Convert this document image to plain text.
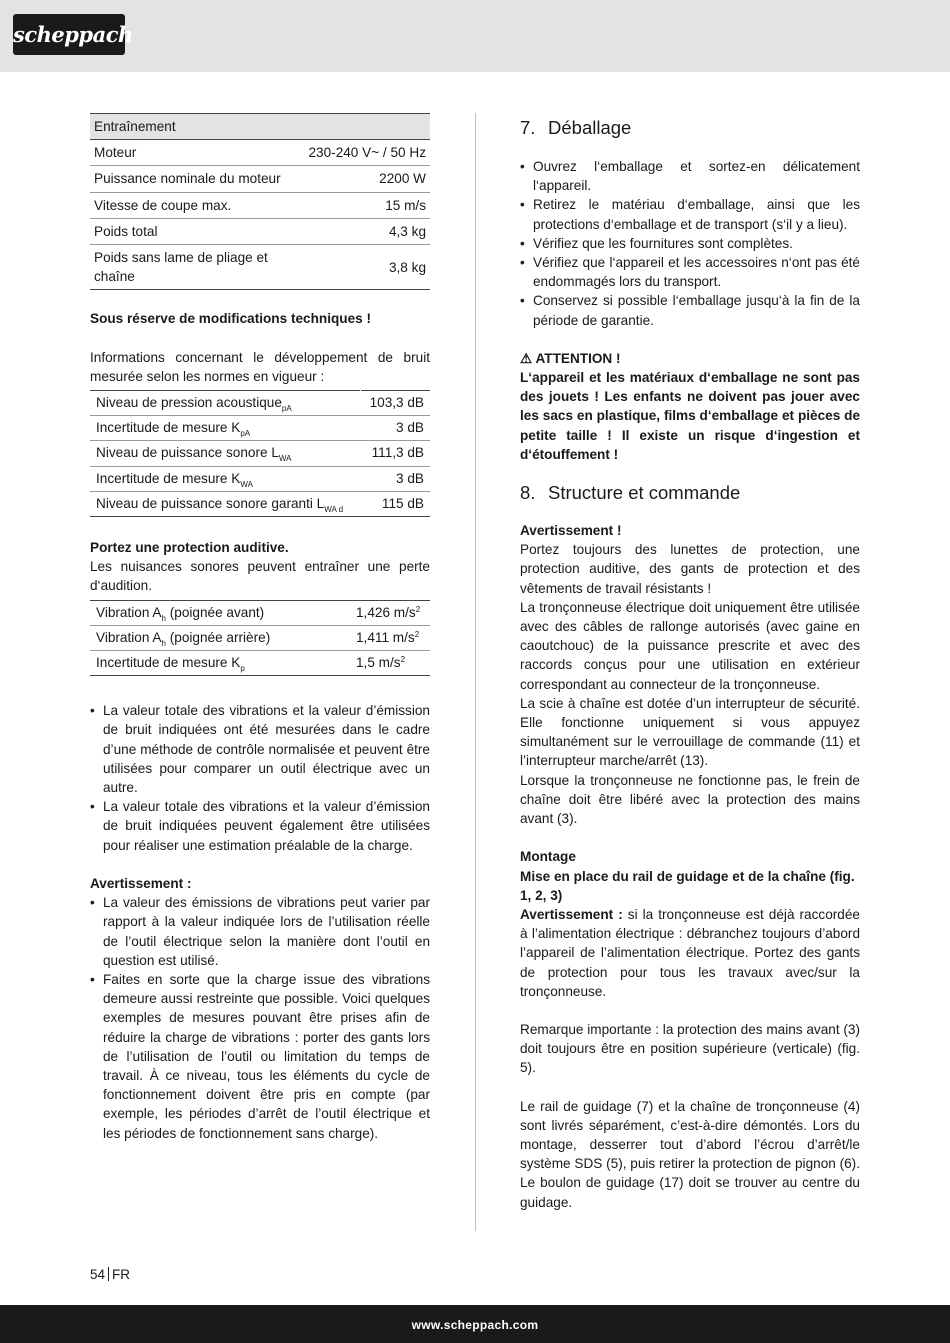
scheppach
Entraînement	
Moteur	230-240 V~ / 50 Hz
Puissance nominale du moteur	2200 W
Vitesse de coupe max.	15 m/s
Poids total	4,3 kg
Poids sans lame de pliage et chaîne	3,8 kg

Sous réserve de modifications techniques !

Informations concernant le développement de bruit mesurée selon les normes en vigueur :

Niveau de pression acoustique$_{pA}$	103,3 dB
Incertitude de mesure $K_{pA}$	3 dB
Niveau de puissance sonore $L_{WA}$	111,3 dB
Incertitude de mesure $K_{WA}$	3 dB
Niveau de puissance sonore garanti $L_{WA d}$	115 dB

Portez une protection auditive.

Les nuisances sonores peuvent entraîner une perte d‘audition.

Vibration $A_h$ (poignée avant)	1,426 $m/s^2$
Vibration $A_h$ (poignée arrière)	1,411 $m/s^2$
Incertitude de mesure $K_p$	1,5 $m/s^2$
• La valeur totale des vibrations et la valeur d’émission de bruit indiquées ont été mesurées dans le cadre d’une méthode de contrôle normalisée et peuvent être utilisées pour comparer un outil électrique avec un autre.
• La valeur totale des vibrations et la valeur d’émission de bruit indiquées peuvent également être utilisées pour réaliser une estimation préalable de la charge.

Avertissement :

• La valeur des émissions de vibrations peut varier par rapport à la valeur indiquée lors de l’utilisation réelle de l’outil électrique selon la manière dont l’outil en question est utilisé.
• Faites en sorte que la charge issue des vibrations demeure aussi restreinte que possible. Voici quelques exemples de mesures pouvant être prises afin de réduire la charge de vibrations : porter des gants lors de l’utilisation de l’outil ou limitation du temps de travail. À ce niveau, tous les éléments du cycle de fonctionnement doivent être pris en compte (par exemple, les périodes d’arrêt de l’outil électrique et les périodes de fonctionnement sans charge).
7. Déballage
• Ouvrez l‘emballage et sortez-en délicatement l‘appareil.
• Retirez le matériau d‘emballage, ainsi que les protections d‘emballage et de transport (s‘il y a lieu).
• Vérifiez que les fournitures sont complètes.
• Vérifiez que l‘appareil et les accessoires n‘ont pas été endommagés lors du transport.
• Conservez si possible l‘emballage jusqu‘à la fin de la période de garantie.

⚠ ATTENTION !

L‘appareil et les matériaux d‘emballage ne sont pas des jouets ! Les enfants ne doivent pas jouer avec les sacs en plastique, films d‘emballage et pièces de petite taille ! Il existe un risque d‘ingestion et d‘étouffement !

8. Structure et commande

Avertissement !

Portez toujours des lunettes de protection, une protection auditive, des gants de protection et des vêtements de travail résistants !

La tronçonneuse électrique doit uniquement être utilisée avec des câbles de rallonge autorisés (avec gaine en caoutchouc) de la puissance prescrite et avec des raccords conçus pour une utilisation en extérieur correspondant au connecteur de la tronçonneuse.

La scie à chaîne est dotée d’un interrupteur de sécurité. Elle fonctionne uniquement si vous appuyez simultanément sur le verrouillage de commande (11) et l’interrupteur marche/arrêt (13).

Lorsque la tronçonneuse ne fonctionne pas, le frein de chaîne doit être libéré avec la protection des mains avant (3).

Montage

Mise en place du rail de guidage et de la chaîne (fig. 1, 2, 3)

Avertissement : si la tronçonneuse est déjà raccordée à l’alimentation électrique : débranchez toujours d’abord l’appareil de l’alimentation électrique. Portez des gants de protection pour tous les travaux avec/sur la tronçonneuse.

Remarque importante : la protection des mains avant (3) doit toujours être en position supérieure (verticale) (fig. 5).

Le rail de guidage (7) et la chaîne de tronçonneuse (4) sont livrés séparément, c’est-à-dire démontés. Lors du montage, desserrer tout d’abord l’écrou d’arrêt/le système SDS (5), puis retirer la protection de pignon (6). Le boulon de guidage (17) doit se trouver au centre du guidage.

54 FR
www.scheppach.com
